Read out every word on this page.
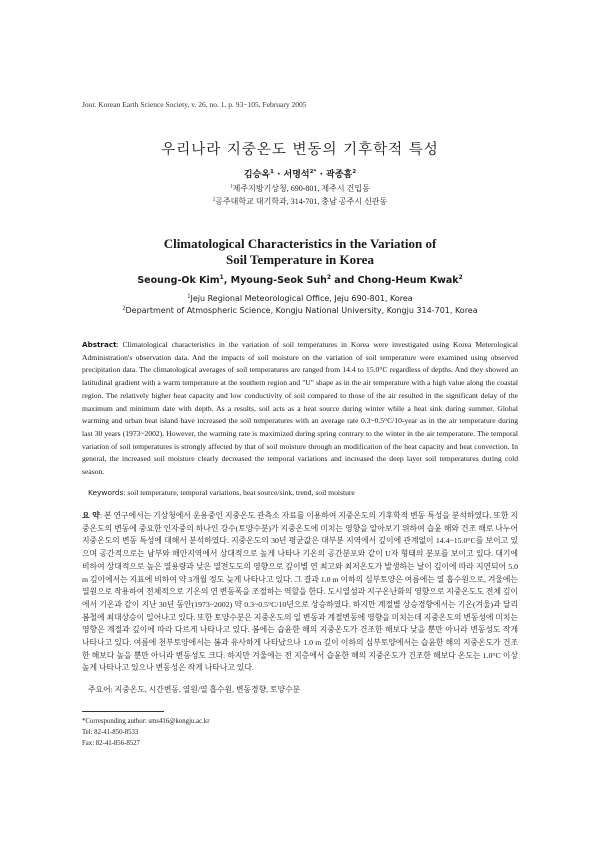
Jour. Korean Earth Science Society, v. 26, no. 1, p. 93−105, February 2005
우리나라 지중온도 변동의 기후학적 특성
김승옥$^1$ · 서명석$^{2*}$ · 곽종흠$^2$
$^1$제주지방기상청, 690-801, 제주시 건입동
$^2$공주대학교 대기학과, 314-701, 충남 공주시 신관동
Climatological Characteristics in the Variation of
Soil Temperature in Korea
Seoung-Ok Kim$^1$, Myoung-Seok Suh$^2$ and Chong-Heum Kwak$^2$
$^1$Jeju Regional Meteorological Office, Jeju 690-801, Korea
$^2$Department of Atmospheric Science, Kongju National University, Kongju 314-701, Korea
Abstract: Climatological characteristics in the variation of soil temperatures in Korea were investigated using Korea Meterological Administration's observation data. And the impacts of soil moisture on the variation of soil temperature were examined using observed precipitation data. The climatological averages of soil temperatures are ranged from 14.4 to 15.0°C regardless of depths. And they showed an latitudinal gradient with a warm temperature at the southern region and "U" shape as in the air temperature with a high value along the coastal region. The relatively higher heat capacity and low conductivity of soil compared to those of the air resulted in the significant delay of the maximum and minimum date with depth. As a results, soil acts as a heat source during winter while a heat sink during summer. Global warming and urban heat island have increased the soil temperatures with an average rate 0.3~0.5°C/10-year as in the air temperature during last 30 years (1973~2002). However, the warming rate is maximized during spring contrary to the winter in the air temperature. The temporal variation of soil temperatures is strongly affected by that of soil moisture through an modification of the heat capacity and heat convection. In general, the increased soil moisture clearly decreased the temporal variations and increased the deep layer soil temperatures during cold season.
Keywords: soil temperature, temporal variations, heat source/sink, trend, soil moisture
요 약: 본 연구에서는 기상청에서 운용중인 지중온도 관측소 자료를 이용하여 지중온도의 기후학적 변동 특성을 분석하였다. 또한 지중온도의 변동에 중요한 인자중의 하나인 강수(토양수분)가 지중온도에 미치는 영향을 알아보기 위하여 습윤 해와 건조 해로 나누어 지중온도의 변동 특성에 대해서 분석하였다. 지중온도의 30년 평균값은 대부분 지역에서 깊이에 관계없이 14.4~15.0°C를 보이고 있으며 공간적으로는 남부와 해안지역에서 상대적으로 높게 나타나 기온의 공간분포와 같이 U자 형태의 분포를 보이고 있다. 대기에 비하여 상대적으로 높은 열용량과 낮은 열전도도의 영향으로 깊이별 연 최고와 최저온도가 발생하는 날이 깊이에 따라 지연되어 5.0 m 깊이에서는 지표에 비하여 약 3개월 정도 늦게 나타나고 있다. 그 결과 1.0 m 이하의 심부토양은 여름에는 열 흡수원으로, 겨울에는 열원으로 작용하여 전체적으로 기온의 연 변동폭을 조절하는 역할을 한다. 도시열섬과 지구온난화의 영향으로 지중온도도 전체 깊이에서 기온과 같이 지난 30년 동안(1973~2002) 약 0.3~0.5°C/10년으로 상승하였다. 하지만 계절별 상승경향에서는 기온(겨울)과 달리 봄철에 최대상승이 일어나고 있다. 또한 토양수분은 지중온도의 일 변동과 계절변동에 영향을 미치는데 지중온도의 변동성에 미치는 영향은 계절과 깊이에 따라 다르게 나타나고 있다. 봄에는 습윤한 해의 지중온도가 건조한 해보다 낮을 뿐만 아니라 변동성도 작게 나타나고 있다. 여름에 천부토양에서는 봄과 유사하게 나타났으나 1.0 m 깊이 이하의 심부토양에서는 습윤한 해의 지중온도가 건조한 해보다 높을 뿐만 아니라 변동성도 크다. 하지만 겨울에는 전 지층에서 습윤한 해의 지중온도가 건조한 해보다 온도는 1.0°C 이상 높게 나타나고 있으나 변동성은 작게 나타나고 있다.
주요어: 지중온도, 시간변동, 열원/열 흡수원, 변동경향, 토양수분
*Corresponding author: sms416@kongju.ac.kr
Tel: 82-41-850-8533
Fax: 82-41-856-8527
